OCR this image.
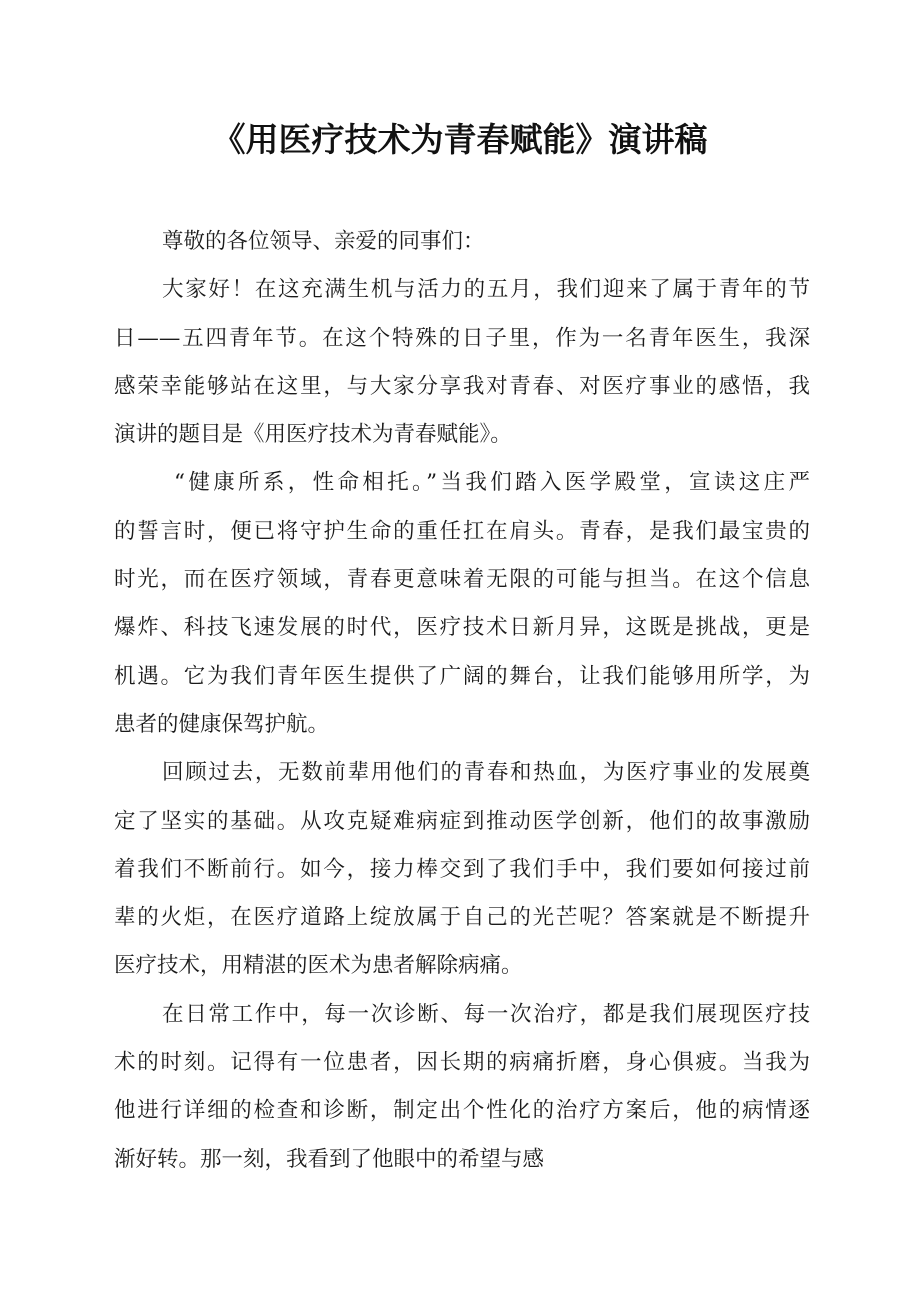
《用医疗技术为青春赋能》演讲稿
尊敬的各位领导、亲爱的同事们：
大家好！在这充满生机与活力的五月，我们迎来了属于青年的节
日——五四青年节。在这个特殊的日子里，作为一名青年医生，我深
感荣幸能够站在这里，与大家分享我对青春、对医疗事业的感悟，我
演讲的题目是《用医疗技术为青春赋能》。
“健康所系，性命相托。”当我们踏入医学殿堂，宣读这庄严
的誓言时，便已将守护生命的重任扛在肩头。青春，是我们最宝贵的
时光，而在医疗领域，青春更意味着无限的可能与担当。在这个信息
爆炸、科技飞速发展的时代，医疗技术日新月异，这既是挑战，更是
机遇。它为我们青年医生提供了广阔的舞台，让我们能够用所学，为
患者的健康保驾护航。
回顾过去，无数前辈用他们的青春和热血，为医疗事业的发展奠
定了坚实的基础。从攻克疑难病症到推动医学创新，他们的故事激励
着我们不断前行。如今，接力棒交到了我们手中，我们要如何接过前
辈的火炬，在医疗道路上绽放属于自己的光芒呢？答案就是不断提升
医疗技术，用精湛的医术为患者解除病痛。
在日常工作中，每一次诊断、每一次治疗，都是我们展现医疗技
术的时刻。记得有一位患者，因长期的病痛折磨，身心俱疲。当我为
他进行详细的检查和诊断，制定出个性化的治疗方案后，他的病情逐
渐好转。那一刻，我看到了他眼中的希望与感
